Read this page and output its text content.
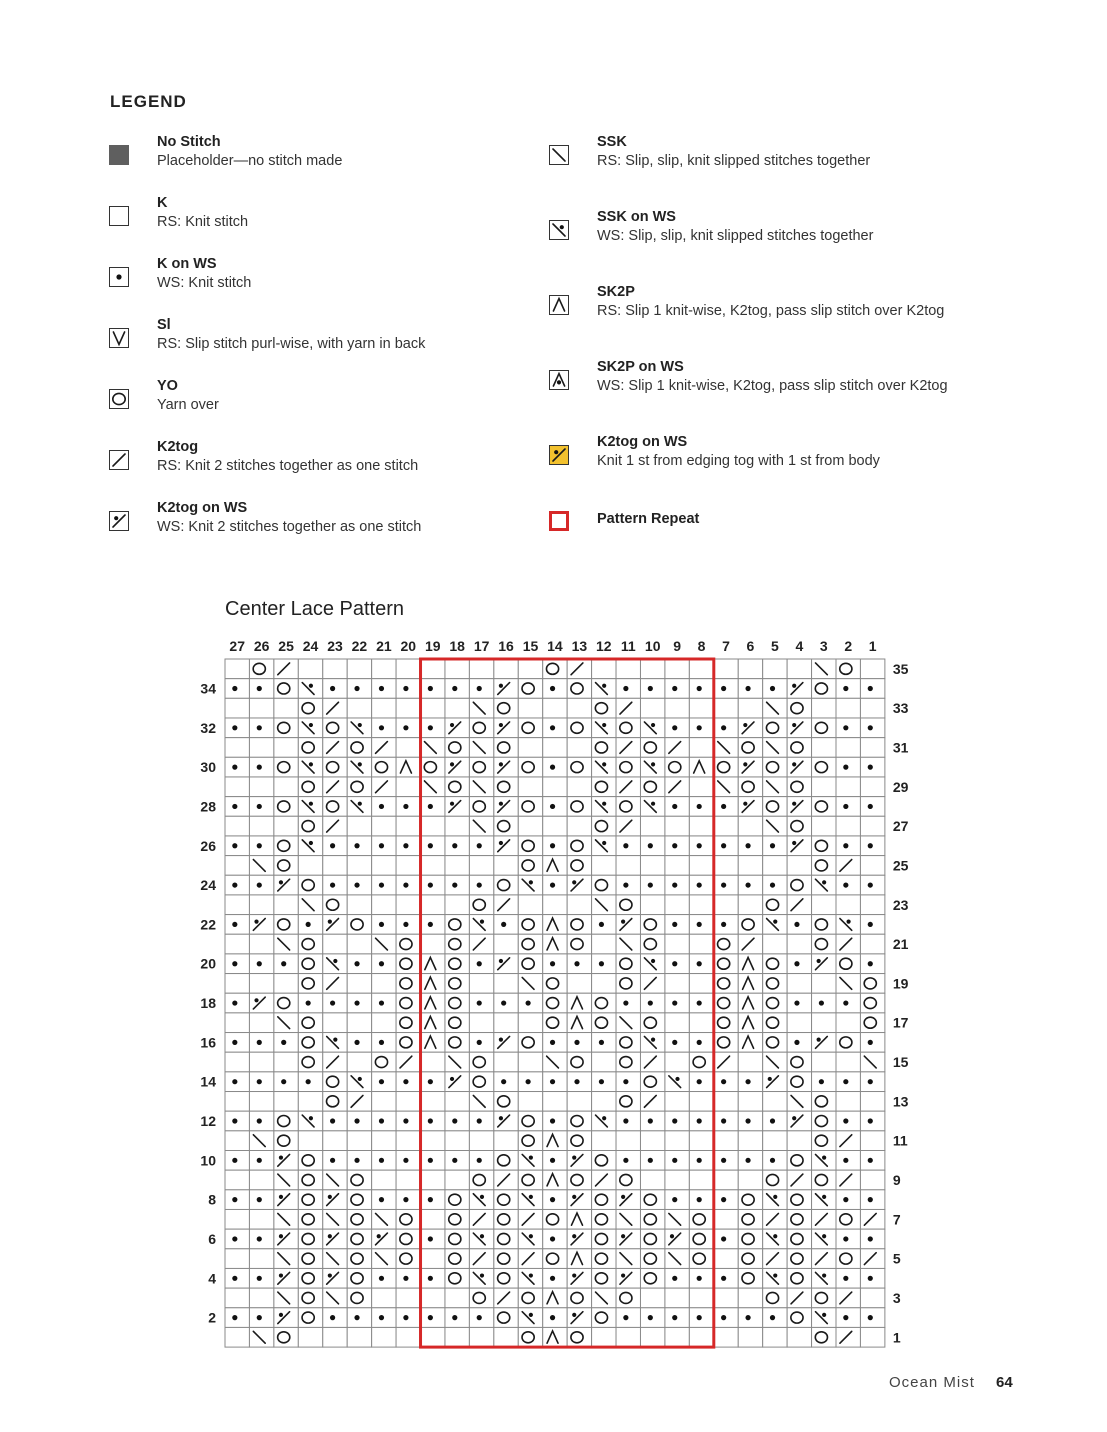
LEGEND
No Stitch
Placeholder—no stitch made
K
RS: Knit stitch
K on WS
WS: Knit stitch
Sl
RS: Slip stitch purl-wise, with yarn in back
YO
Yarn over
K2tog
RS: Knit 2 stitches together as one stitch
K2tog on WS
WS: Knit 2 stitches together as one stitch
SSK
RS: Slip, slip, knit slipped stitches together
SSK on WS
WS: Slip, slip, knit slipped stitches together
SK2P
RS: Slip 1 knit-wise, K2tog, pass slip stitch over K2tog
SK2P on WS
WS: Slip 1 knit-wise, K2tog, pass slip stitch over K2tog
K2tog on WS
Knit 1 st from edging tog with 1 st from body
Pattern Repeat
Center Lace Pattern
27 26 25 24 23 22 21 20 19 18 17 16 15 14 13 12 11 10 9 8 7 6 5 4 3 2 1
35
34
33
32
31
30
29
28
27
26
25
24
23
22
21
20
19
18
17
16
15
14
13
12
11
10
9
8
7
6
5
4
3
2
1
Ocean Mist 64
